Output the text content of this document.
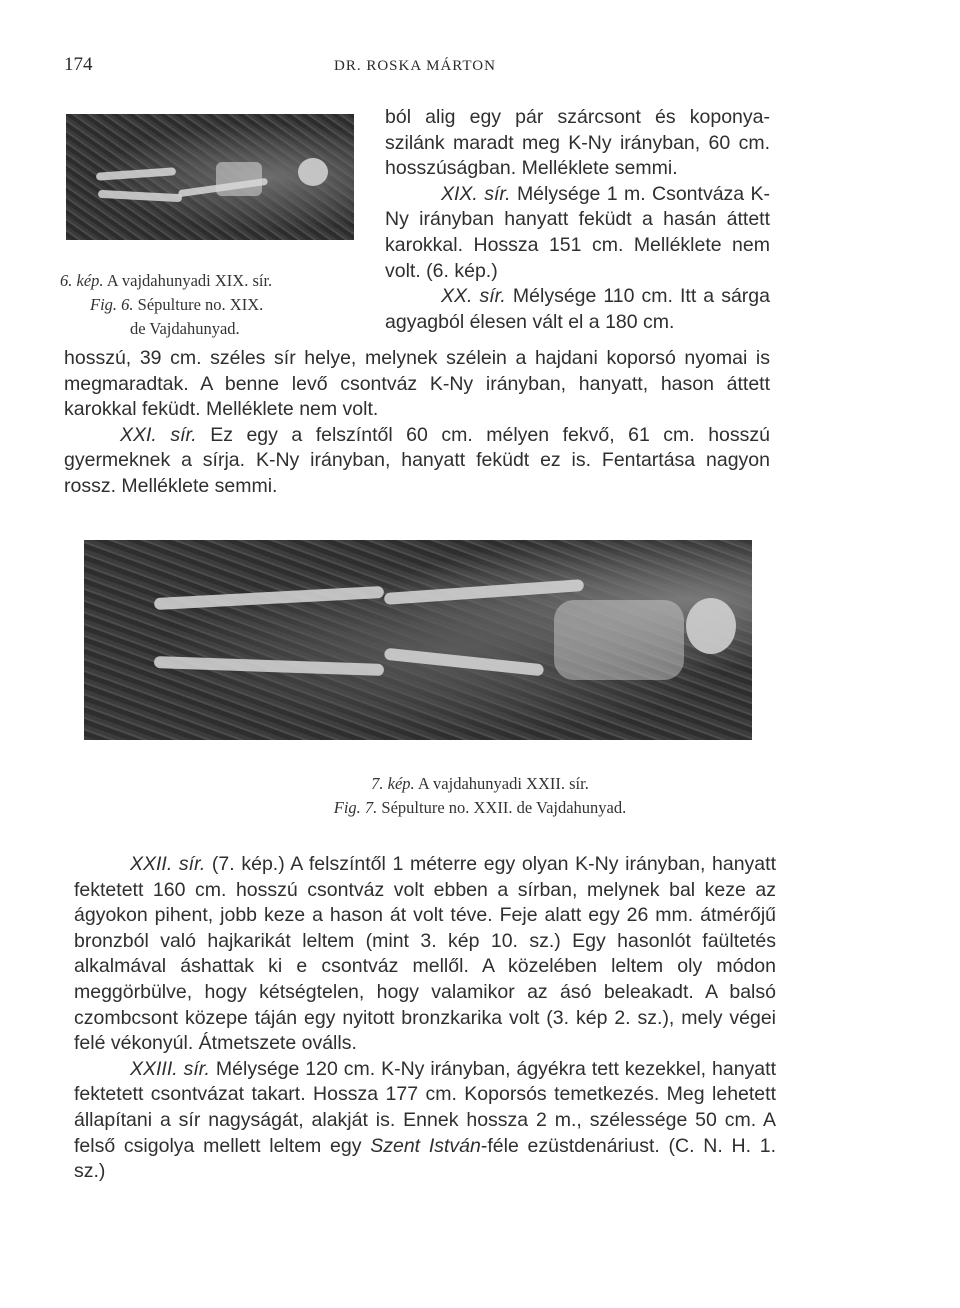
174	DR. ROSKA MÁRTON
6. kép. A vajdahunyadi XIX. sír.
Fig. 6. Sépulture no. XIX.
de Vajdahunyad.

ból alig egy pár szárcsont és koponya-szilánk maradt meg K-Ny irányban, 60 cm. hosszúságban. Melléklete semmi.

XIX. sír. Mélysége 1 m. Csontváza K-Ny irányban hanyatt feküdt a hasán áttett karokkal. Hossza 151 cm. Melléklete nem volt. (6. kép.)

XX. sír. Mélysége 110 cm. Itt a sárga agyagból élesen vált el a 180 cm.

hosszú, 39 cm. széles sír helye, melynek szélein a hajdani koporsó nyomai is megmaradtak. A benne levő csontváz K-Ny irányban, hanyatt, hason áttett karokkal feküdt. Melléklete nem volt.

XXI. sír. Ez egy a felszíntől 60 cm. mélyen fekvő, 61 cm. hosszú gyermeknek a sírja. K-Ny irányban, hanyatt feküdt ez is. Fentartása nagyon rossz. Melléklete semmi.

7. kép. A vajdahunyadi XXII. sír.
Fig. 7. Sépulture no. XXII. de Vajdahunyad.

XXII. sír. (7. kép.) A felszíntől 1 méterre egy olyan K-Ny irányban, hanyatt fektetett 160 cm. hosszú csontváz volt ebben a sírban, melynek bal keze az ágyokon pihent, jobb keze a hason át volt téve. Feje alatt egy 26 mm. átmérőjű bronzból való hajkarikát leltem (mint 3. kép 10. sz.) Egy hasonlót faültetés alkalmával áshattak ki e csontváz mellől. A közelében leltem oly módon meggörbülve, hogy kétségtelen, hogy valamikor az ásó beleakadt. A balsó czombcsont közepe táján egy nyitott bronzkarika volt (3. kép 2. sz.), mely végei felé vékonyúl. Átmetszete oválls.

XXIII. sír. Mélysége 120 cm. K-Ny irányban, ágyékra tett kezekkel, hanyatt fektetett csontvázat takart. Hossza 177 cm. Koporsós temetkezés. Meg lehetett állapítani a sír nagyságát, alakját is. Ennek hossza 2 m., szélessége 50 cm. A felső csigolya mellett leltem egy Szent István-féle ezüstdenáriust. (C. N. H. 1. sz.)
